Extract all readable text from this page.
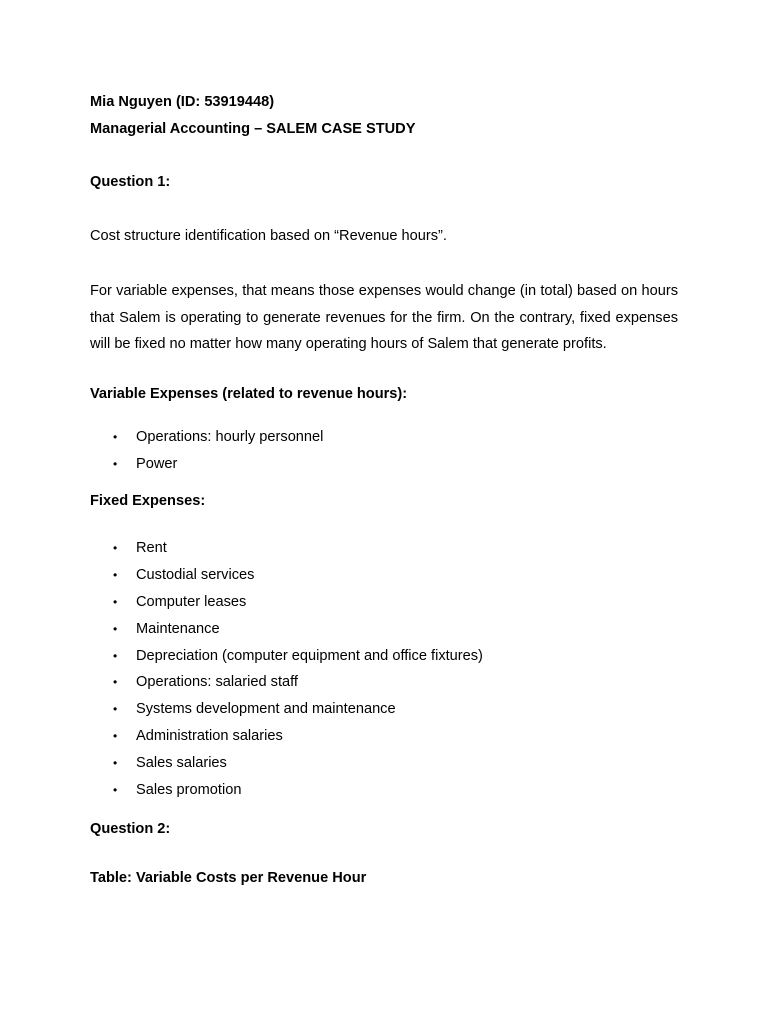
Mia Nguyen (ID: 53919448)
Managerial Accounting – SALEM CASE STUDY
Question 1:
Cost structure identification based on “Revenue hours”.
For variable expenses, that means those expenses would change (in total) based on hours that Salem is operating to generate revenues for the firm. On the contrary, fixed expenses will be fixed no matter how many operating hours of Salem that generate profits.
Variable Expenses (related to revenue hours):
• Operations: hourly personnel
• Power
Fixed Expenses:
• Rent
• Custodial services
• Computer leases
• Maintenance
• Depreciation (computer equipment and office fixtures)
• Operations: salaried staff
• Systems development and maintenance
• Administration salaries
• Sales salaries
• Sales promotion
Question 2:
Table: Variable Costs per Revenue Hour
